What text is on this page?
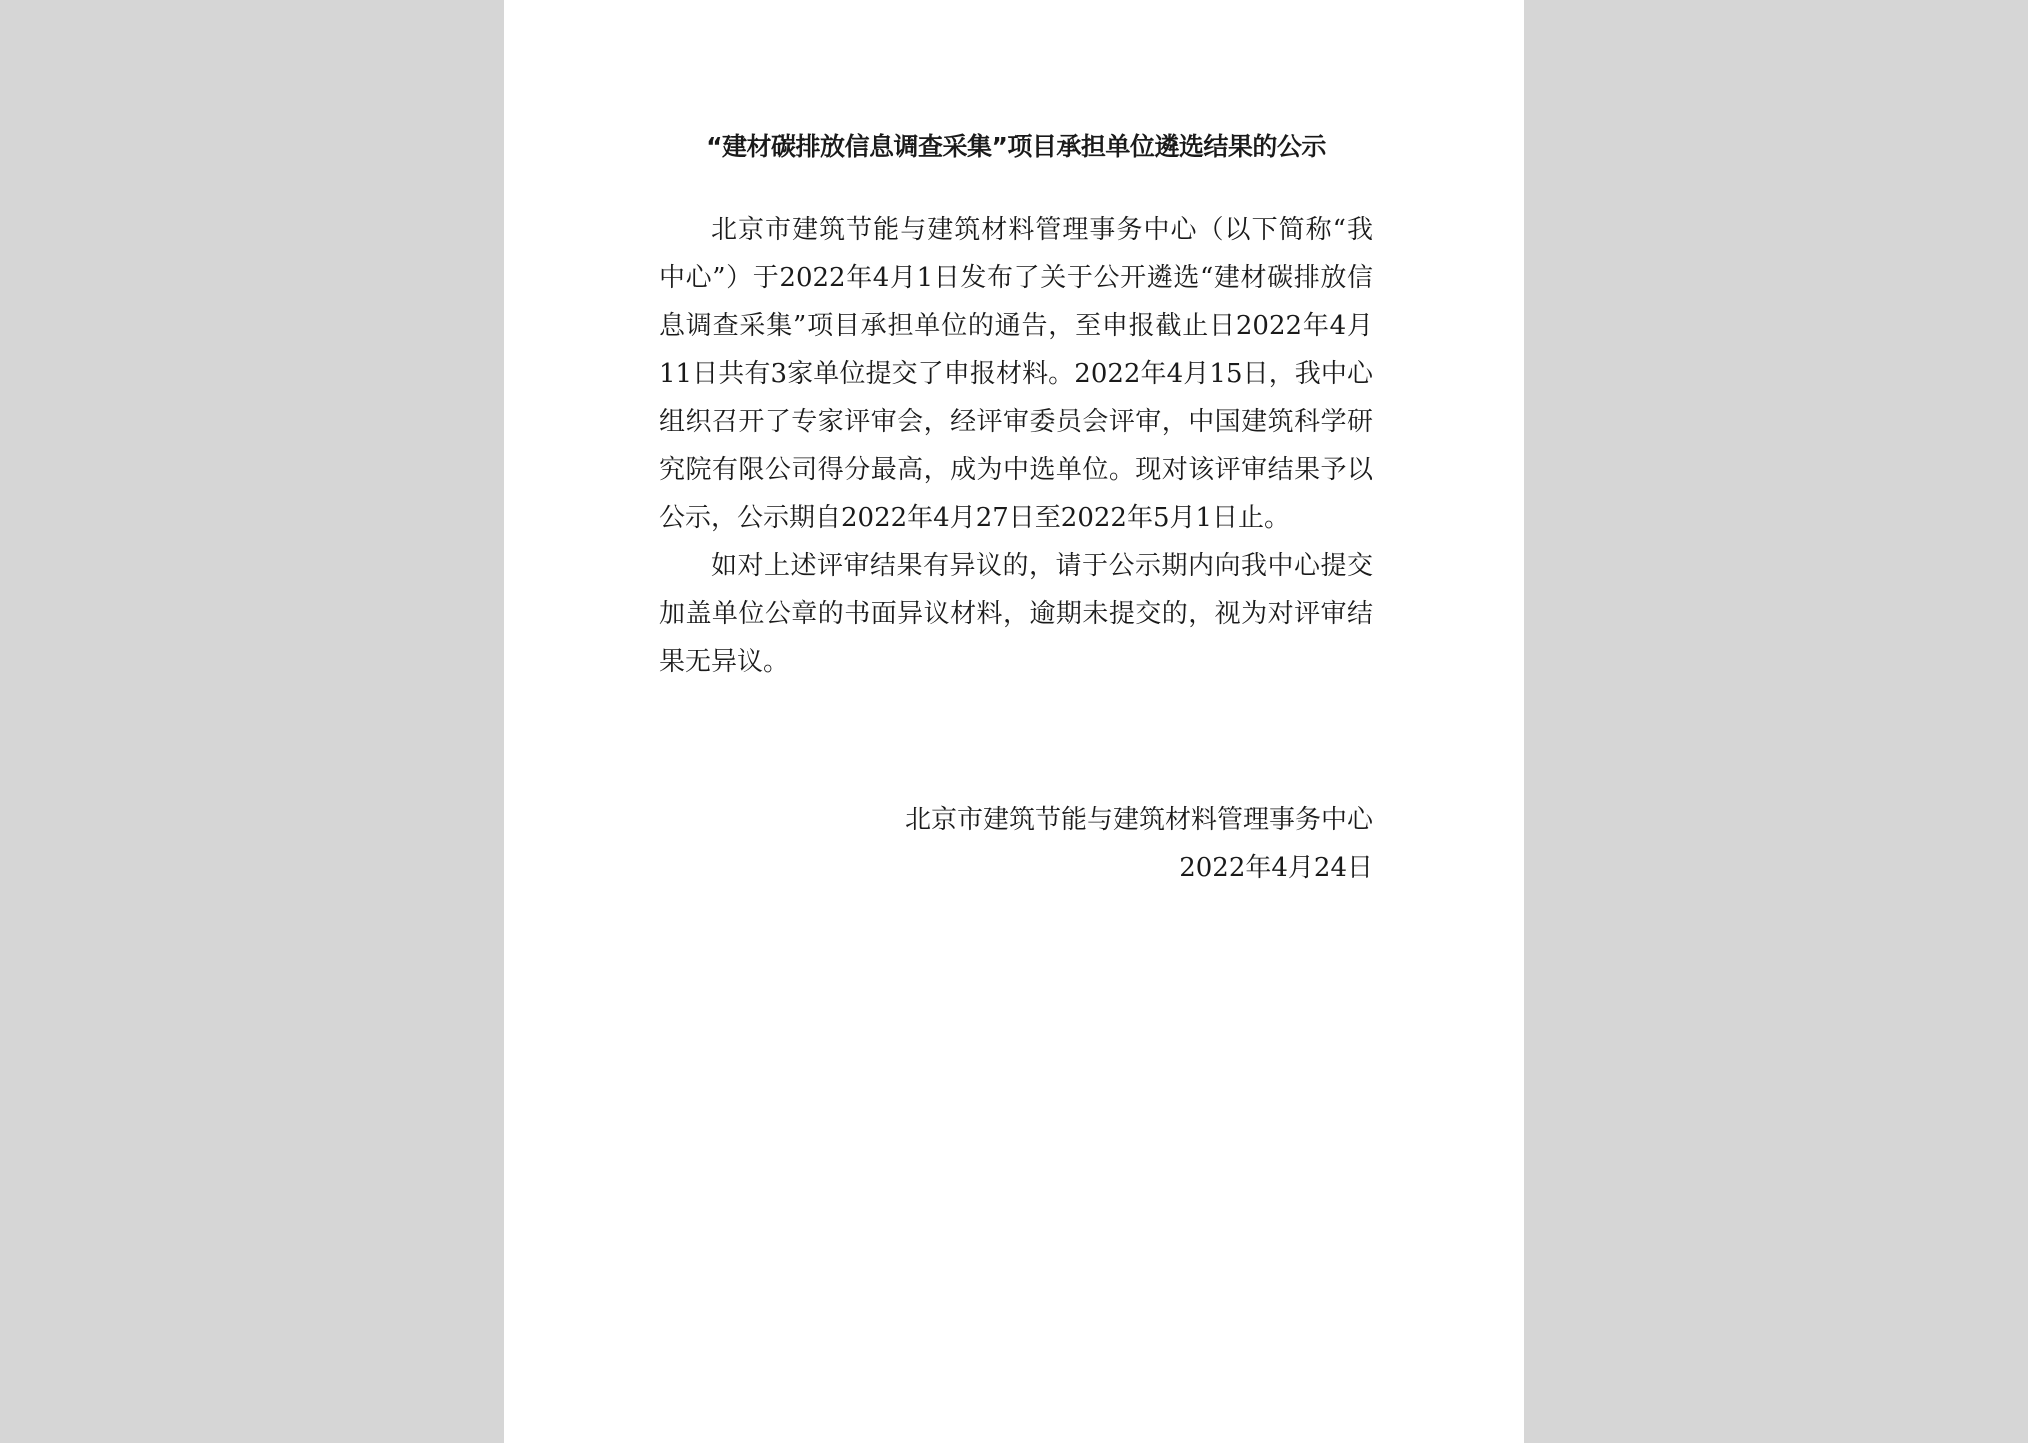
“建材碳排放信息调查采集”项目承担单位遴选结果的公示

北京市建筑节能与建筑材料管理事务中心（以下简称“我中心”）于2022年4月1日发布了关于公开遴选“建材碳排放信息调查采集”项目承担单位的通告，至申报截止日2022年4月11日共有3家单位提交了申报材料。2022年4月15日，我中心组织召开了专家评审会，经评审委员会评审，中国建筑科学研究院有限公司得分最高，成为中选单位。现对该评审结果予以公示，公示期自2022年4月27日至2022年5月1日止。

如对上述评审结果有异议的，请于公示期内向我中心提交加盖单位公章的书面异议材料，逾期未提交的，视为对评审结果无异议。

北京市建筑节能与建筑材料管理事务中心
2022年4月24日
